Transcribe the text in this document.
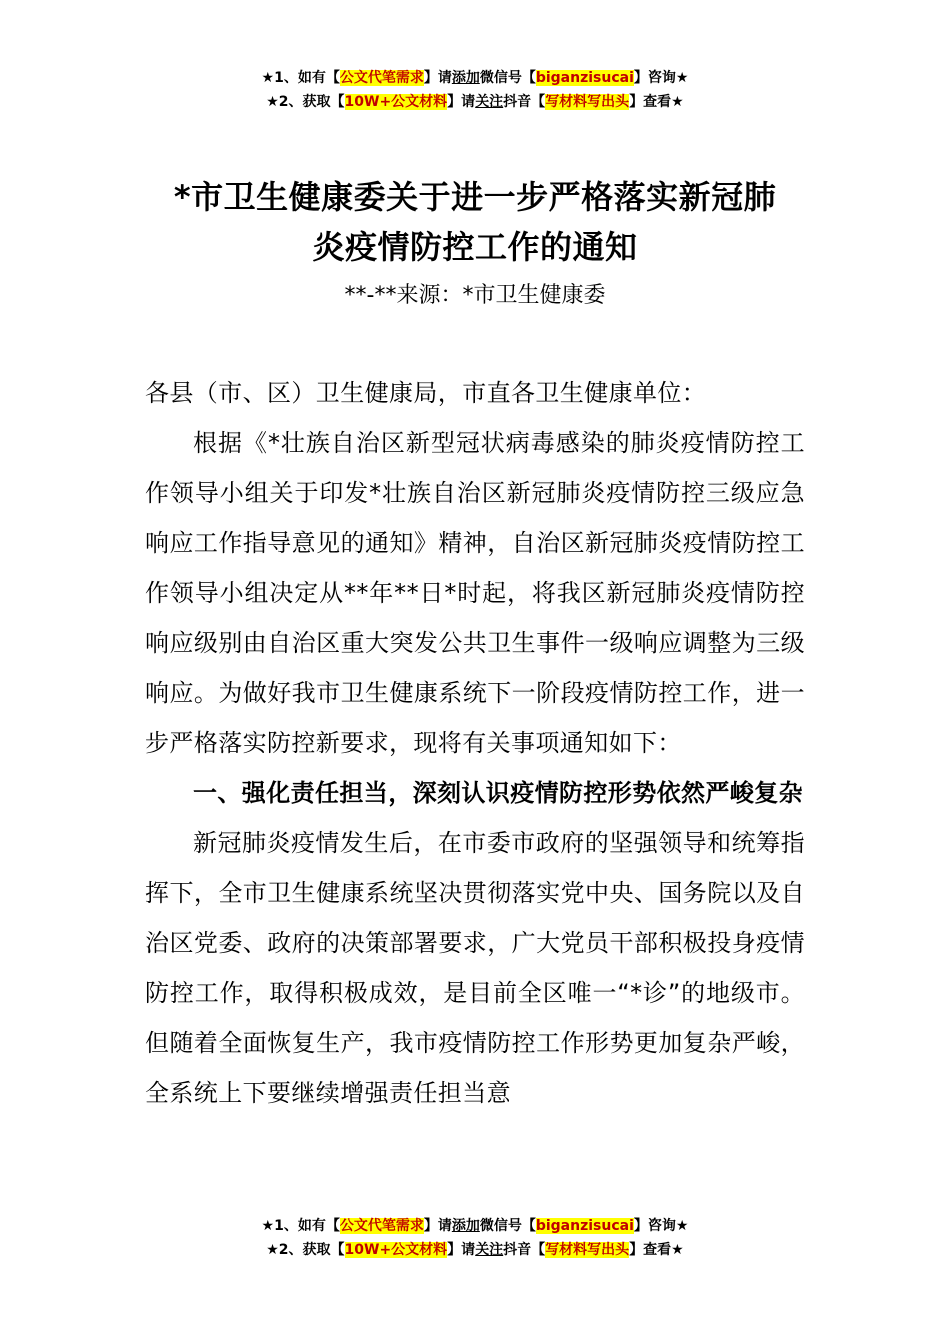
★1、如有【公文代笔需求】请添加微信号【biganzisucai】咨询★
★2、获取【10W+公文材料】请关注抖音【写材料写出头】查看★
*市卫生健康委关于进一步严格落实新冠肺
炎疫情防控工作的通知
**-**来源：*市卫生健康委

各县（市、区）卫生健康局，市直各卫生健康单位：

根据《*壮族自治区新型冠状病毒感染的肺炎疫情防控工作领导小组关于印发*壮族自治区新冠肺炎疫情防控三级应急响应工作指导意见的通知》精神，自治区新冠肺炎疫情防控工作领导小组决定从**年**日*时起，将我区新冠肺炎疫情防控响应级别由自治区重大突发公共卫生事件一级响应调整为三级响应。为做好我市卫生健康系统下一阶段疫情防控工作，进一步严格落实防控新要求，现将有关事项通知如下：

一、强化责任担当，深刻认识疫情防控形势依然严峻复杂

新冠肺炎疫情发生后，在市委市政府的坚强领导和统筹指挥下，全市卫生健康系统坚决贯彻落实党中央、国务院以及自治区党委、政府的决策部署要求，广大党员干部积极投身疫情防控工作，取得积极成效，是目前全区唯一“*诊”的地级市。但随着全面恢复生产，我市疫情防控工作形势更加复杂严峻，全系统上下要继续增强责任担当意

★1、如有【公文代笔需求】请添加微信号【biganzisucai】咨询★
★2、获取【10W+公文材料】请关注抖音【写材料写出头】查看★
